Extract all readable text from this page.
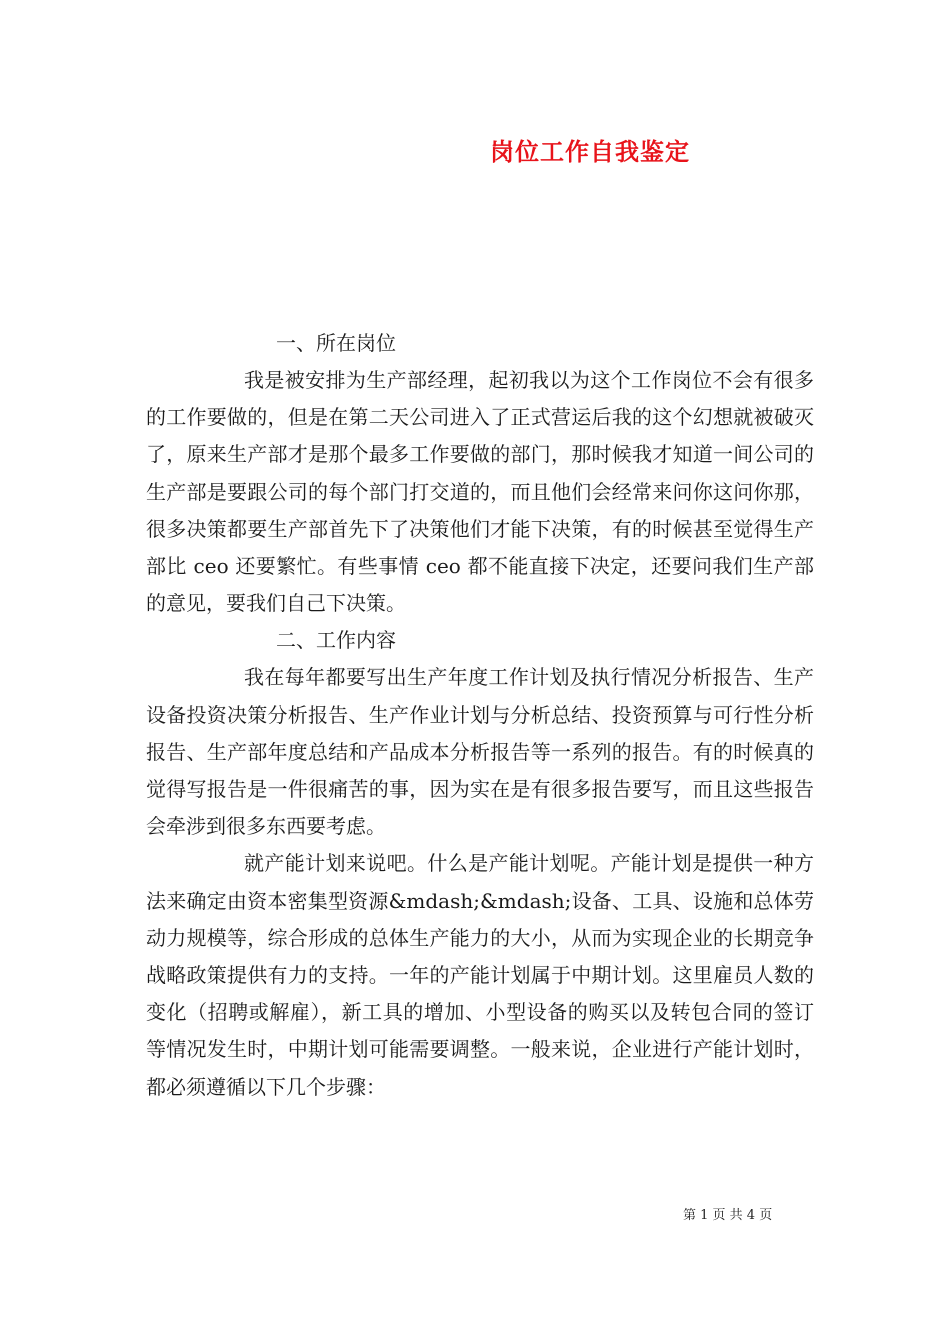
岗位工作自我鉴定
一、所在岗位

我是被安排为生产部经理，起初我以为这个工作岗位不会有很多的工作要做的，但是在第二天公司进入了正式营运后我的这个幻想就被破灭了，原来生产部才是那个最多工作要做的部门，那时候我才知道一间公司的生产部是要跟公司的每个部门打交道的，而且他们会经常来问你这问你那，很多决策都要生产部首先下了决策他们才能下决策，有的时候甚至觉得生产部比 ceo 还要繁忙。有些事情 ceo 都不能直接下决定，还要问我们生产部的意见，要我们自己下决策。

二、工作内容

我在每年都要写出生产年度工作计划及执行情况分析报告、生产设备投资决策分析报告、生产作业计划与分析总结、投资预算与可行性分析报告、生产部年度总结和产品成本分析报告等一系列的报告。有的时候真的觉得写报告是一件很痛苦的事，因为实在是有很多报告要写，而且这些报告会牵涉到很多东西要考虑。

就产能计划来说吧。什么是产能计划呢。产能计划是提供一种方法来确定由资本密集型资源&mdash;&mdash;设备、工具、设施和总体劳动力规模等，综合形成的总体生产能力的大小，从而为实现企业的长期竞争战略政策提供有力的支持。一年的产能计划属于中期计划。这里雇员人数的变化（招聘或解雇），新工具的增加、小型设备的购买以及转包合同的签订等情况发生时，中期计划可能需要调整。一般来说，企业进行产能计划时，都必须遵循以下几个步骤：

第 1 页 共 4 页
